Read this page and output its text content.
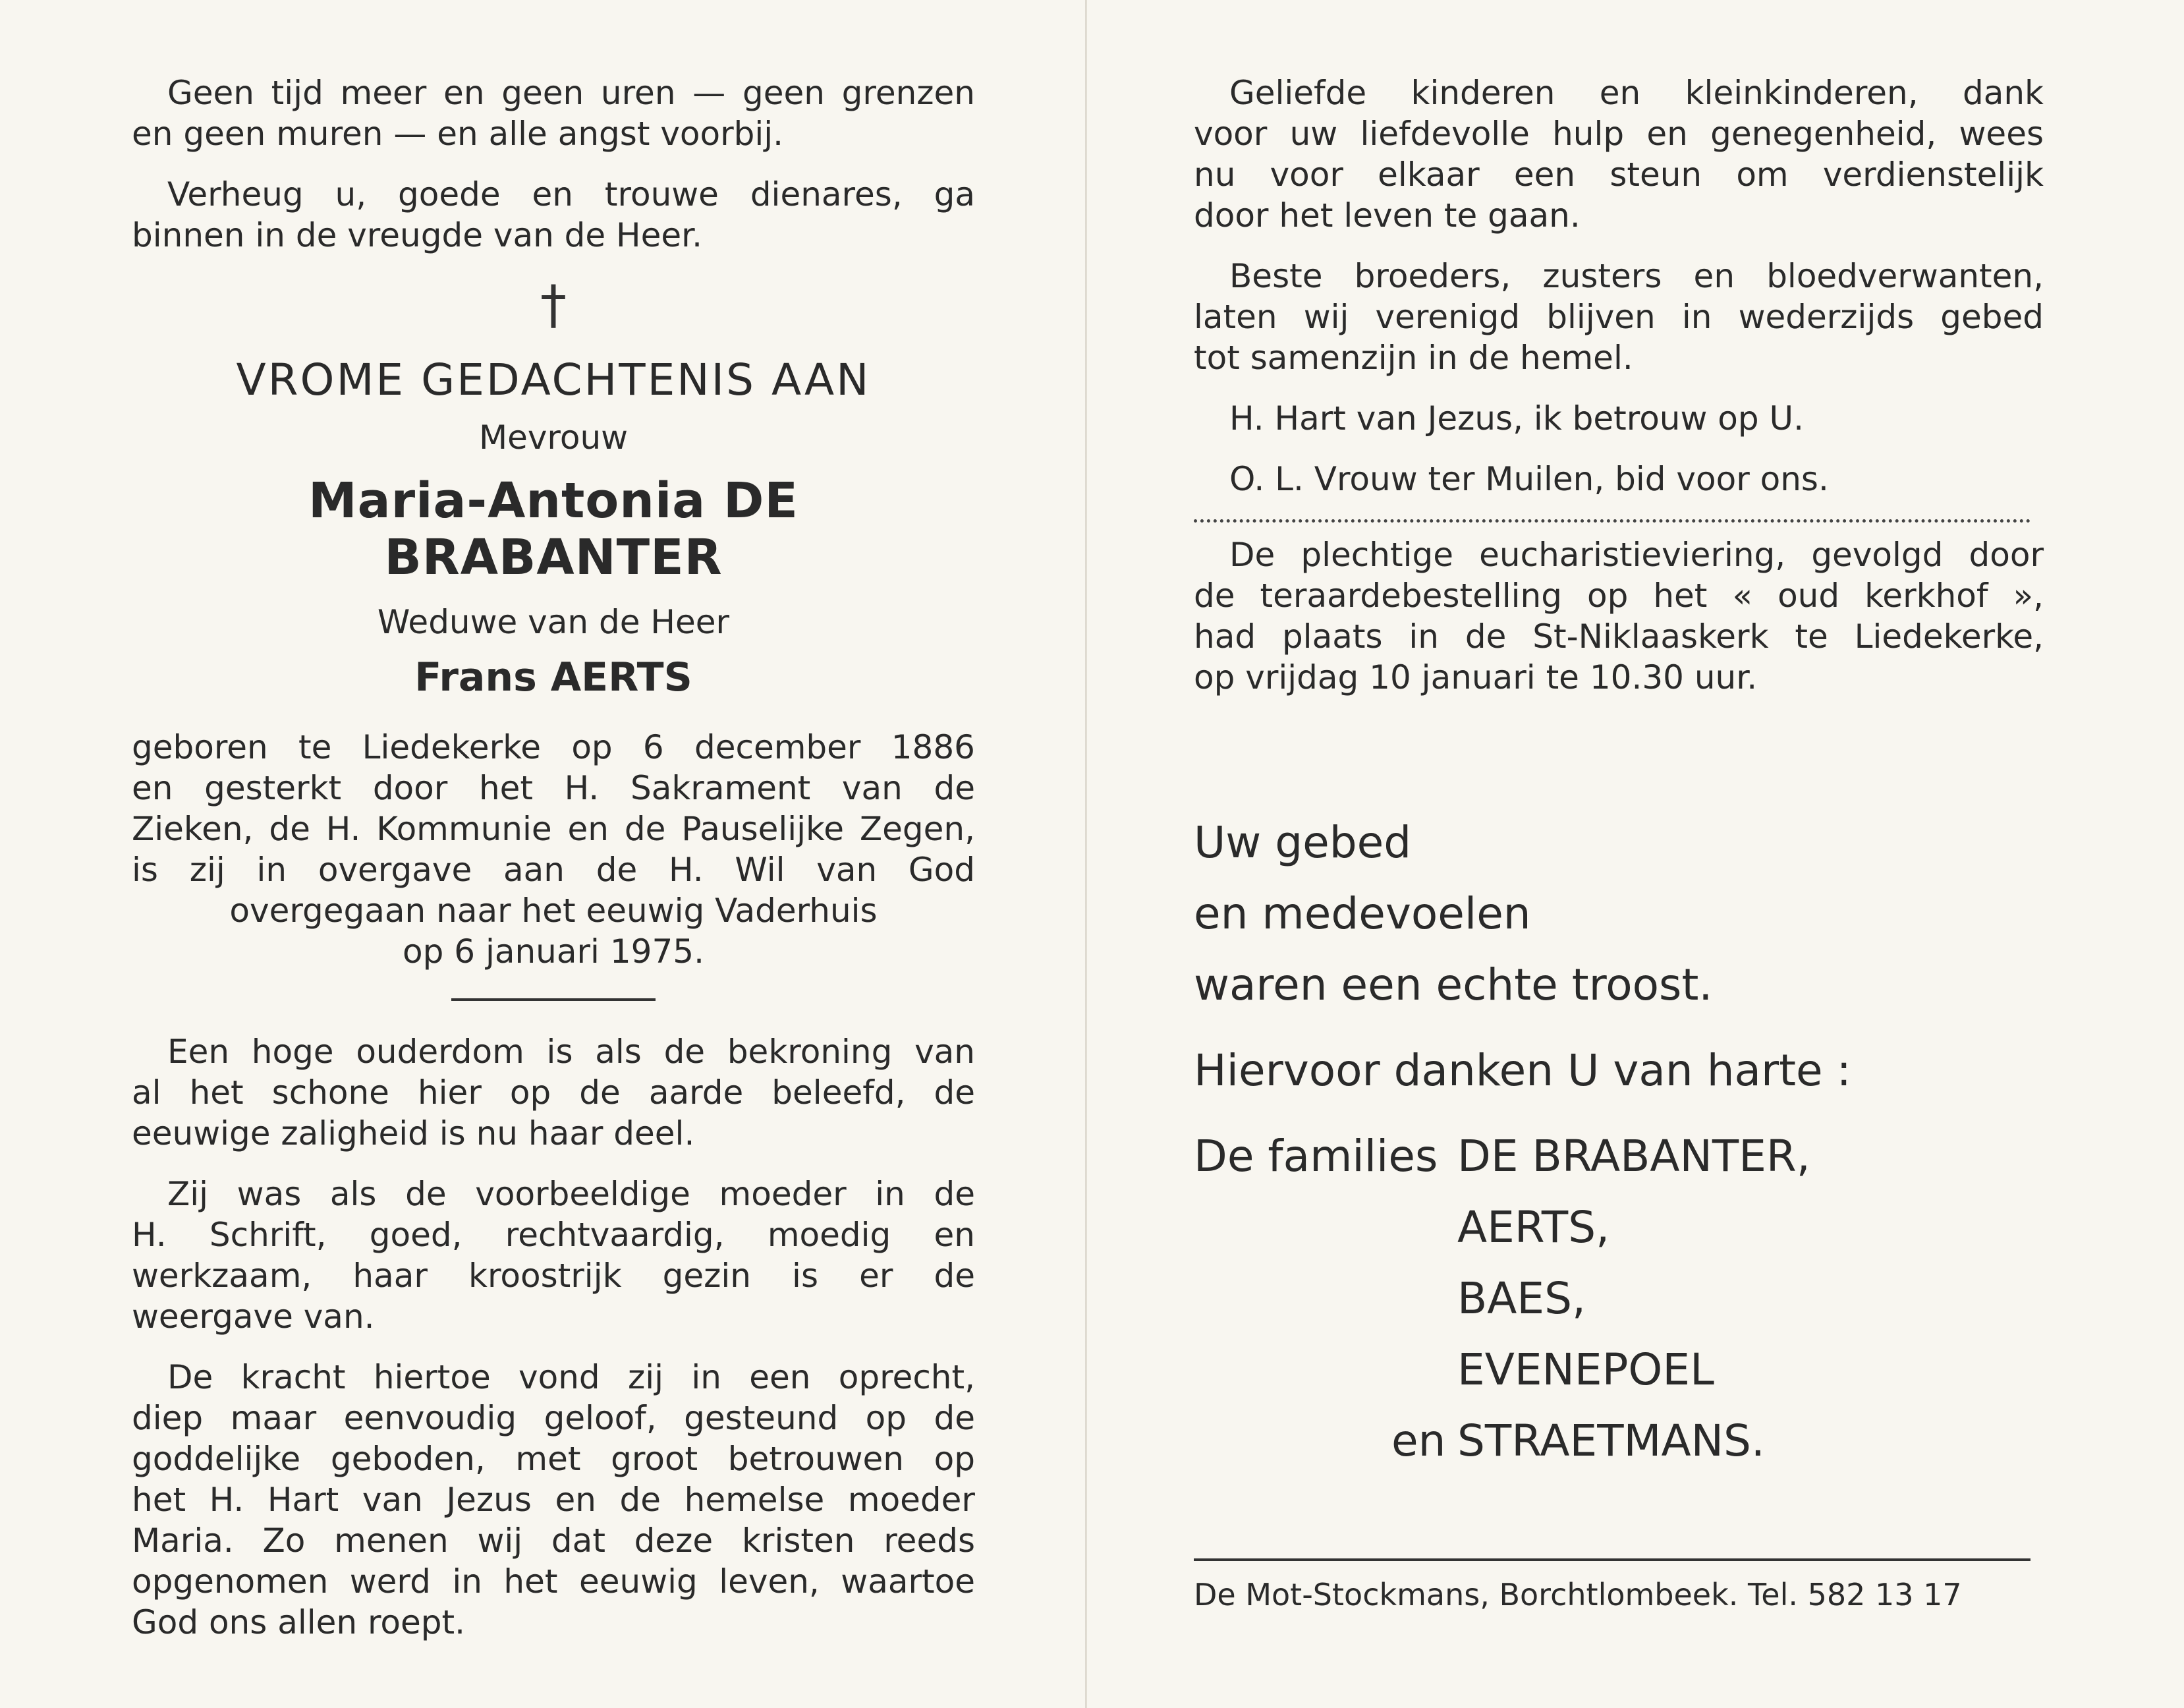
Geen tijd meer en geen uren — geen grenzen
en geen muren — en alle angst voorbij.
Verheug u, goede en trouwe dienares, ga
binnen in de vreugde van de Heer.
†
VROME GEDACHTENIS AAN
Mevrouw
Maria-Antonia DE BRABANTER
Weduwe van de Heer
Frans AERTS
geboren te Liedekerke op 6 december 1886
en gesterkt door het H. Sakrament van de
Zieken, de H. Kommunie en de Pauselijke Zegen,
is zij in overgave aan de H. Wil van God
overgegaan naar het eeuwig Vaderhuis
op 6 januari 1975.
Een hoge ouderdom is als de bekroning van
al het schone hier op de aarde beleefd, de
eeuwige zaligheid is nu haar deel.
Zij was als de voorbeeldige moeder in de
H. Schrift, goed, rechtvaardig, moedig en
werkzaam, haar kroostrijk gezin is er de
weergave van.
De kracht hiertoe vond zij in een oprecht,
diep maar eenvoudig geloof, gesteund op de
goddelijke geboden, met groot betrouwen op
het H. Hart van Jezus en de hemelse moeder
Maria. Zo menen wij dat deze kristen reeds
opgenomen werd in het eeuwig leven, waartoe
God ons allen roept.
Geliefde kinderen en kleinkinderen, dank
voor uw liefdevolle hulp en genegenheid, wees
nu voor elkaar een steun om verdienstelijk
door het leven te gaan.
Beste broeders, zusters en bloedverwanten,
laten wij verenigd blijven in wederzijds gebed
tot samenzijn in de hemel.
H. Hart van Jezus, ik betrouw op U.
O. L. Vrouw ter Muilen, bid voor ons.
De plechtige eucharistieviering, gevolgd door
de teraardebestelling op het « oud kerkhof »,
had plaats in de St-Niklaaskerk te Liedekerke,
op vrijdag 10 januari te 10.30 uur.
Uw gebed
en medevoelen
waren een echte troost.
Hiervoor danken U van harte :
De families DE BRABANTER,
AERTS,
BAES,
EVENEPOEL
en STRAETMANS.
De Mot-Stockmans, Borchtlombeek. Tel. 582 13 17
